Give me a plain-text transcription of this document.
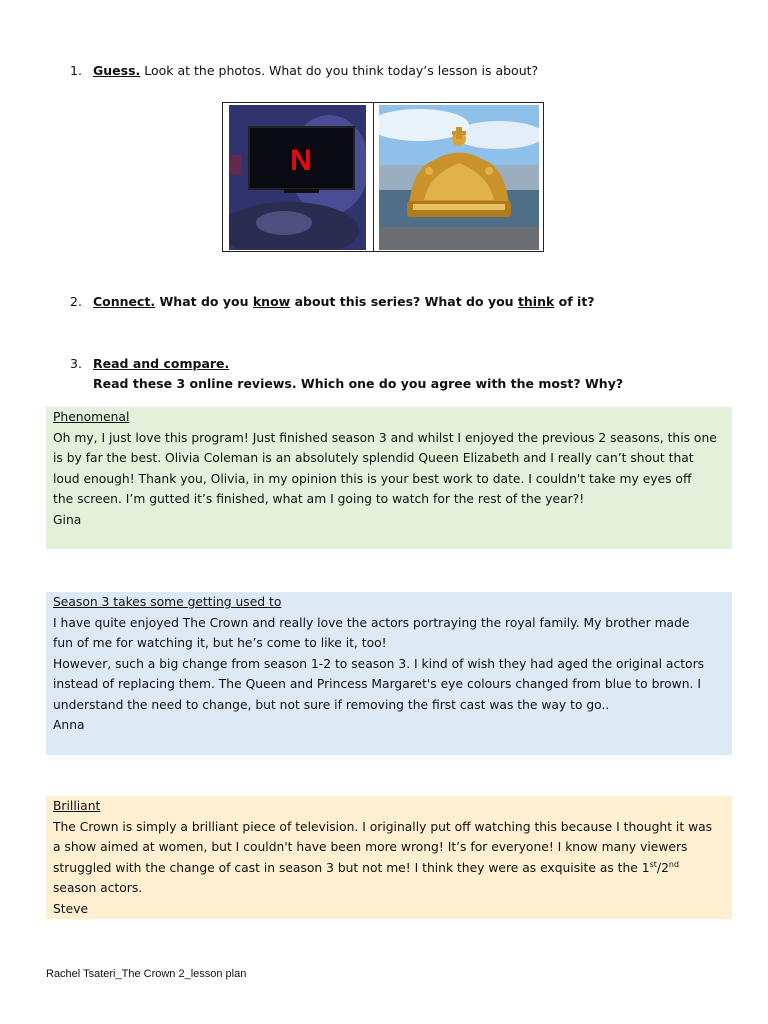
1. Guess. Look at the photos. What do you think today’s lesson is about?
N
2. Connect. What do you know about this series? What do you think of it?
3. Read and compare.
Read these 3 online reviews. Which one do you agree with the most? Why?
Phenomenal
Oh my, I just love this program! Just finished season 3 and whilst I enjoyed the previous 2 seasons, this one
is by far the best. Olivia Coleman is an absolutely splendid Queen Elizabeth and I really can’t shout that
loud enough! Thank you, Olivia, in my opinion this is your best work to date. I couldn't take my eyes off
the screen. I’m gutted it’s finished, what am I going to watch for the rest of the year?!
Gina
Season 3 takes some getting used to
I have quite enjoyed The Crown and really love the actors portraying the royal family. My brother made
fun of me for watching it, but he’s come to like it, too!
However, such a big change from season 1-2 to season 3. I kind of wish they had aged the original actors
instead of replacing them. The Queen and Princess Margaret's eye colours changed from blue to brown. I
understand the need to change, but not sure if removing the first cast was the way to go..
Anna
Brilliant
The Crown is simply a brilliant piece of television. I originally put off watching this because I thought it was
a show aimed at women, but I couldn't have been more wrong! It’s for everyone! I know many viewers
struggled with the change of cast in season 3 but not me! I think they were as exquisite as the 1st/2nd
season actors.
Steve
Rachel Tsateri_The Crown 2_lesson plan
